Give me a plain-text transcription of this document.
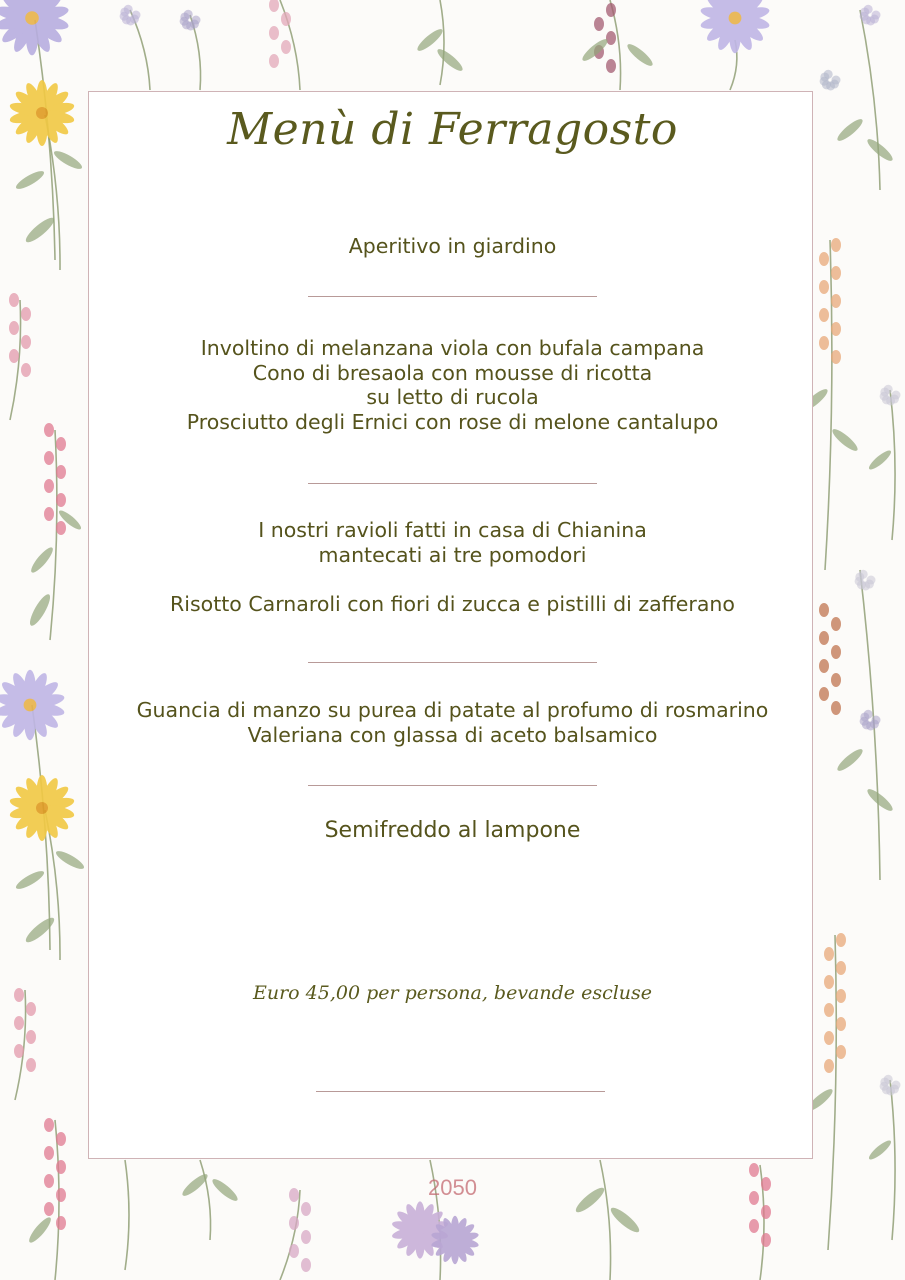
Menù di Ferragosto

Aperitivo in giardino

Involtino di melanzana viola con bufala campana

Cono di bresaola con mousse di ricotta

su letto di rucola

Prosciutto degli Ernici con rose di melone cantalupo

I nostri ravioli fatti in casa di Chianina

mantecati ai tre pomodori

Risotto Carnaroli con fiori di zucca e pistilli di zafferano

Guancia di manzo su purea di patate al profumo di rosmarino

Valeriana con glassa di aceto balsamico

Semifreddo al lampone

Euro 45,00 per persona, bevande escluse
2050
